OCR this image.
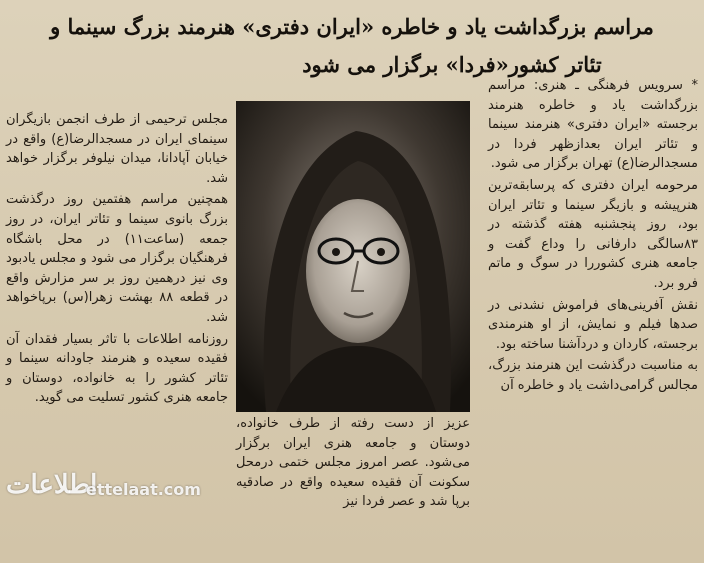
مراسم بزرگداشت یاد و خاطره «ایران دفتری» هنرمند بزرگ سینما و
تئاتر کشور«فردا» برگزار می شود

* سرویس فرهنگی ـ هنری: مراسم بزرگداشت یاد و خاطره هنرمند برجسته «ایران دفتری» هنرمند سینما و تئاتر ایران بعدازظهر فردا در مسجدالرضا(ع) تهران برگزار می شود.

مرحومه ایران دفتری که پرسابقه‌ترین هنرپیشه و بازیگر سینما و تئاتر ایران بود، روز پنجشنبه هفته گذشته در ۸۳سالگی دارفانی را وداع گفت و جامعه هنری کشوررا در سوگ و ماتم فرو برد.

نقش آفرینی‌های فراموش نشدنی در صدها فیلم و نمایش، از او هنرمندی برجسته، کاردان و دردآشنا ساخته بود.

به مناسبت درگذشت این هنرمند بزرگ، مجالس گرامی‌داشت یاد و خاطره آن

عزیز از دست رفته از طرف خانواده، دوستان و جامعه هنری ایران برگزار می‌شود. عصر امروز مجلس ختمی درمحل سکونت آن فقیده سعیده واقع در صادقیه برپا شد و عصر فردا نیز

مجلس ترحیمی از طرف انجمن بازیگران سینمای ایران در مسجدالرضا(ع) واقع در خیابان آپادانا، میدان نیلوفر برگزار خواهد شد.

همچنین مراسم هفتمین روز درگذشت بزرگ بانوی سینما و تئاتر ایران، در روز جمعه (ساعت۱۱) در محل باشگاه فرهنگیان برگزار می شود و مجلس یادبود وی نیز درهمین روز بر سر مزارش واقع در قطعه ۸۸ بهشت زهرا(س) برپاخواهد شد.

روزنامه اطلاعات با تاثر بسیار فقدان آن فقیده سعیده و هنرمند جاودانه سینما و تئاتر کشور را به خانواده، دوستان و جامعه هنری کشور تسلیت می گوید.

اطلاعات
ettelaat.com
